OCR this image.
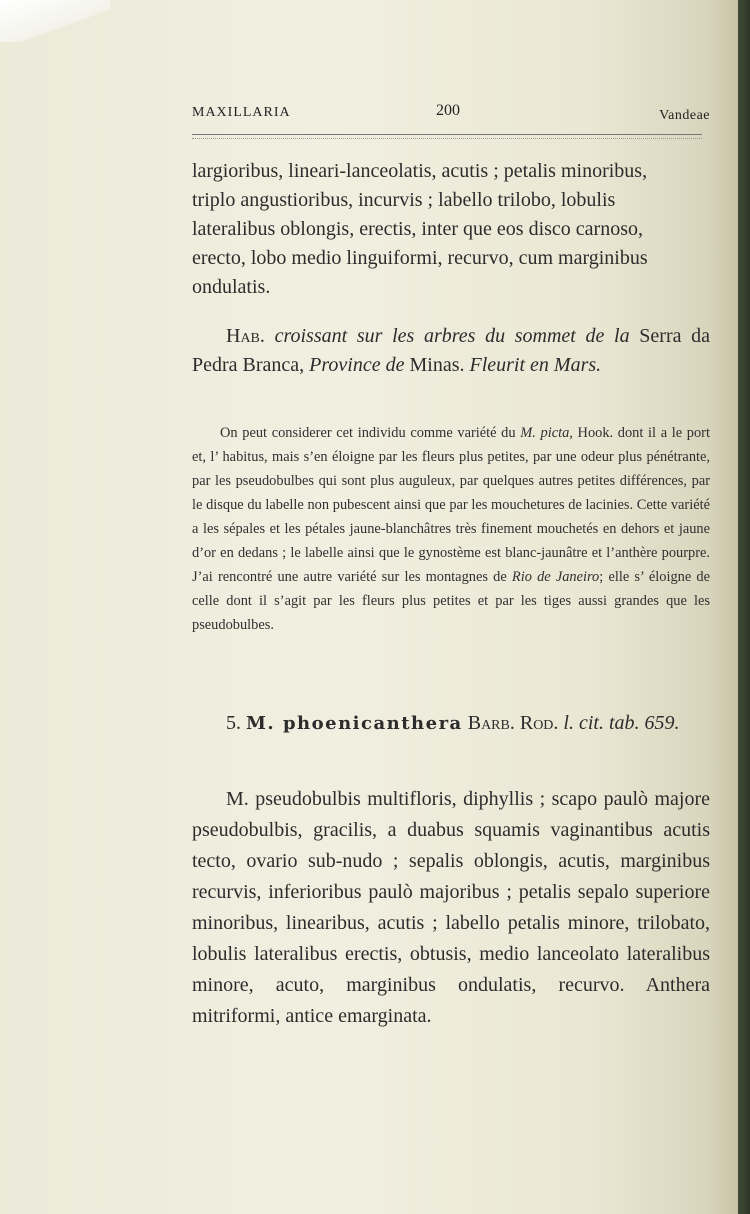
MAXILLARIA	200	Vandeae
largioribus, lineari-lanceolatis, acutis ; petalis minoribus,
triplo angustioribus, incurvis ; labello trilobo, lobulis
lateralibus oblongis, erectis, inter que eos disco carnoso,
erecto, lobo medio linguiformi, recurvo, cum marginibus
ondulatis.
Hab. croissant sur les arbres du sommet de la Serra da Pedra Branca, Province de Minas. Fleurit en Mars.
On peut considerer cet individu comme variété du M. picta, Hook. dont il a le port et, l’ habitus, mais s’en éloigne par les fleurs plus petites, par une odeur plus pénétrante, par les pseudobulbes qui sont plus auguleux, par quelques autres petites différences, par le disque du labelle non pubescent ainsi que par les mouchetures de lacinies. Cette variété a les sépales et les pétales jaune-blanchâtres très finement mouchetés en dehors et jaune d’or en dedans ; le labelle ainsi que le gynostème est blanc-jaunâtre et l’anthère pourpre. J’ai rencontré une autre variété sur les montagnes de Rio de Janeiro; elle s’ éloigne de celle dont il s’agit par les fleurs plus petites et par les tiges aussi grandes que les pseudobulbes.
5. M. phoenicanthera Barb. Rod. l. cit. tab. 659.
M. pseudobulbis multifloris, diphyllis ; scapo paulò majore pseudobulbis, gracilis, a duabus squamis vaginantibus acutis tecto, ovario sub-nudo ; sepalis oblongis, acutis, marginibus recurvis, inferioribus paulò majoribus ; petalis sepalo superiore minoribus, linearibus, acutis ; labello petalis minore, trilobato, lobulis lateralibus erectis, obtusis, medio lanceolato lateralibus minore, acuto, marginibus ondulatis, recurvo. Anthera mitriformi, antice emarginata.
